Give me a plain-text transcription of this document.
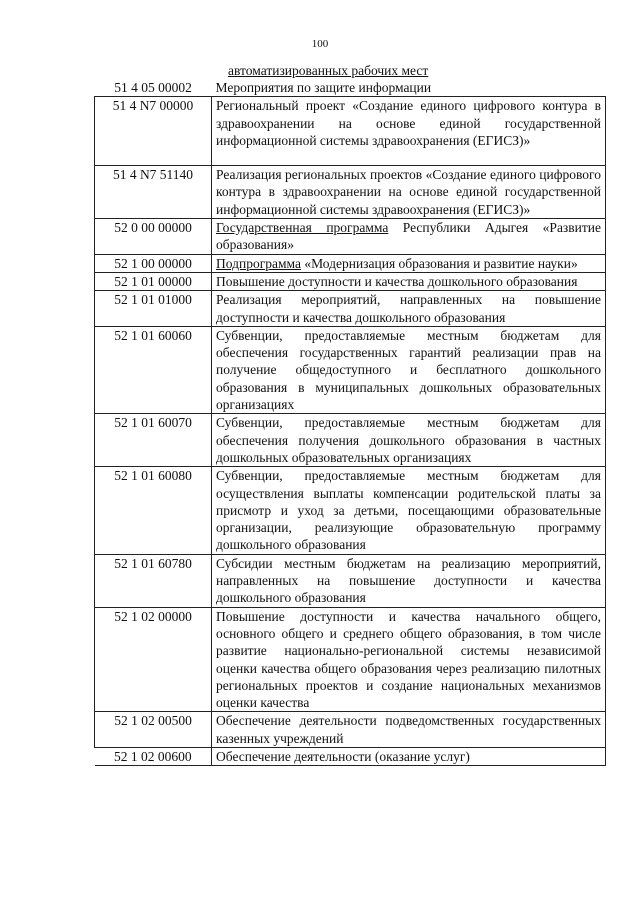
100
автоматизированных рабочих мест
51 4 05 00002	Мероприятия по защите информации
51 4 N7 00000	Региональный проект «Создание единого цифрового контура в здравоохранении на основе единой государственной информационной системы здравоохранения (ЕГИСЗ)»

51 4 N7 51140	Реализация региональных проектов «Создание единого цифрового контура в здравоохранении на основе единой государственной информационной системы здравоохранения (ЕГИСЗ)»
52 0 00 00000	Государственная программа Республики Адыгея «Развитие образования»
52 1 00 00000	Подпрограмма «Модернизация образования и развитие науки»
52 1 01 00000	Повышение доступности и качества дошкольного образования
52 1 01 01000	Реализация мероприятий, направленных на повышение доступности и качества дошкольного образования
52 1 01 60060	Субвенции, предоставляемые местным бюджетам для обеспечения государственных гарантий реализации прав на получение общедоступного и бесплатного дошкольного образования в муниципальных дошкольных образовательных организациях
52 1 01 60070	Субвенции, предоставляемые местным бюджетам для обеспечения получения дошкольного образования в частных дошкольных образовательных организациях
52 1 01 60080	Субвенции, предоставляемые местным бюджетам для осуществления выплаты компенсации родительской платы за присмотр и уход за детьми, посещающими образовательные организации, реализующие образовательную программу дошкольного образования
52 1 01 60780	Субсидии местным бюджетам на реализацию мероприятий, направленных на повышение доступности и качества дошкольного образования
52 1 02 00000	Повышение доступности и качества начального общего, основного общего и среднего общего образования, в том числе развитие национально-региональной системы независимой оценки качества общего образования через реализацию пилотных региональных проектов и создание национальных механизмов оценки качества
52 1 02 00500	Обеспечение деятельности подведомственных государственных казенных учреждений
52 1 02 00600	Обеспечение деятельности (оказание услуг)
